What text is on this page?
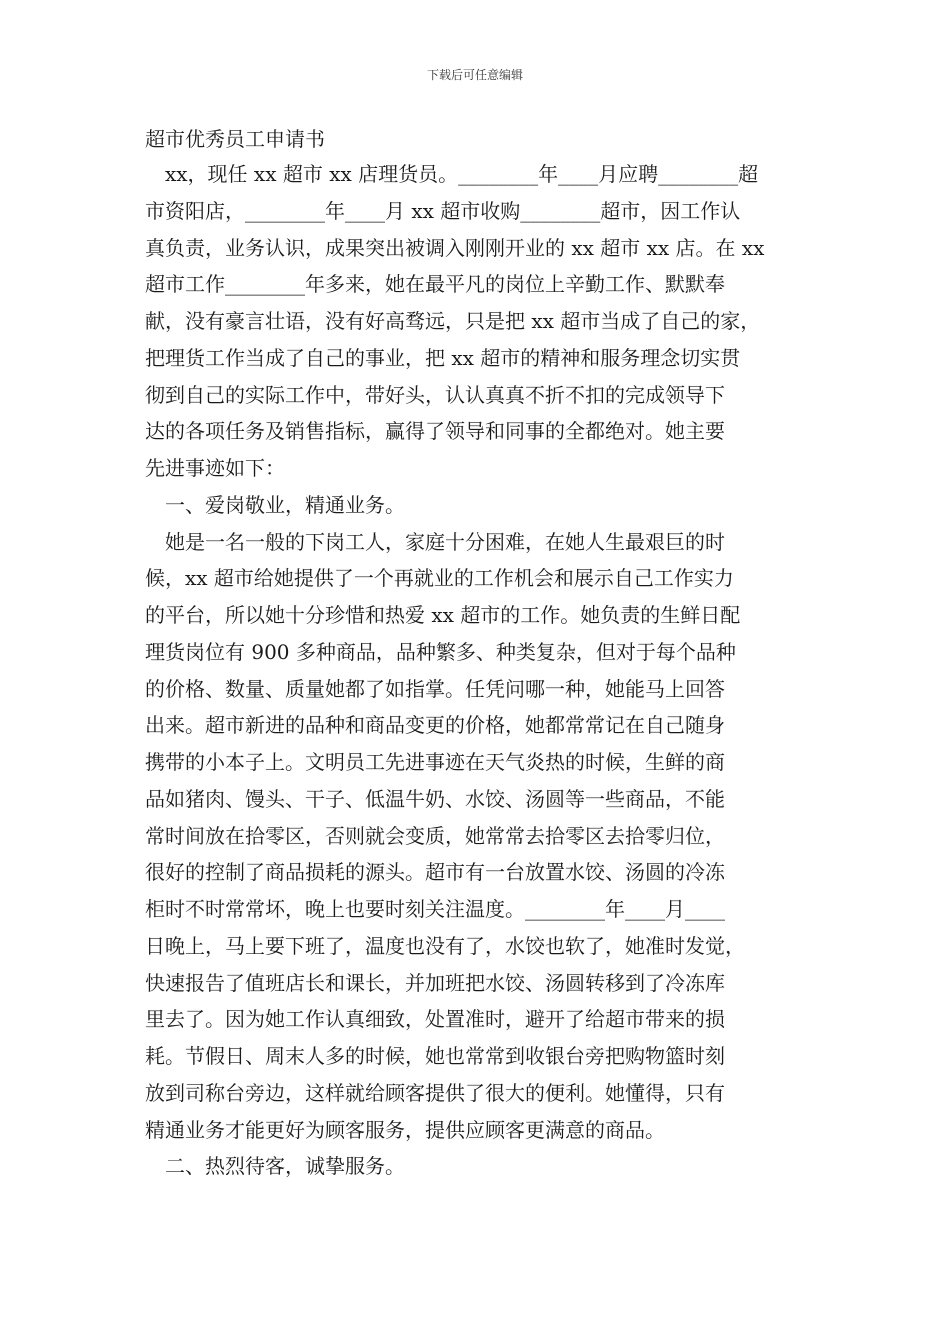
下载后可任意编辑
超市优秀员工申请书
xx，现任 xx 超市 xx 店理货员。________年____月应聘________超
市资阳店，________年____月 xx 超市收购________超市，因工作认
真负责，业务认识，成果突出被调入刚刚开业的 xx 超市 xx 店。在 xx
超市工作________年多来，她在最平凡的岗位上辛勤工作、默默奉
献，没有豪言壮语，没有好高骛远，只是把 xx 超市当成了自己的家，
把理货工作当成了自己的事业，把 xx 超市的精神和服务理念切实贯
彻到自己的实际工作中，带好头，认认真真不折不扣的完成领导下
达的各项任务及销售指标，赢得了领导和同事的全都绝对。她主要
先进事迹如下：
一、爱岗敬业，精通业务。
她是一名一般的下岗工人，家庭十分困难，在她人生最艰巨的时
候，xx 超市给她提供了一个再就业的工作机会和展示自己工作实力
的平台，所以她十分珍惜和热爱 xx 超市的工作。她负责的生鲜日配
理货岗位有 900 多种商品，品种繁多、种类复杂，但对于每个品种
的价格、数量、质量她都了如指掌。任凭问哪一种，她能马上回答
出来。超市新进的品种和商品变更的价格，她都常常记在自己随身
携带的小本子上。文明员工先进事迹在天气炎热的时候，生鲜的商
品如猪肉、馒头、干子、低温牛奶、水饺、汤圆等一些商品，不能
常时间放在拾零区，否则就会变质，她常常去拾零区去拾零归位，
很好的控制了商品损耗的源头。超市有一台放置水饺、汤圆的冷冻
柜时不时常常坏，晚上也要时刻关注温度。________年____月____
日晚上，马上要下班了，温度也没有了，水饺也软了，她准时发觉，
快速报告了值班店长和课长，并加班把水饺、汤圆转移到了冷冻库
里去了。因为她工作认真细致，处置准时，避开了给超市带来的损
耗。节假日、周末人多的时候，她也常常到收银台旁把购物篮时刻
放到司称台旁边，这样就给顾客提供了很大的便利。她懂得，只有
精通业务才能更好为顾客服务，提供应顾客更满意的商品。
二、热烈待客，诚挚服务。
